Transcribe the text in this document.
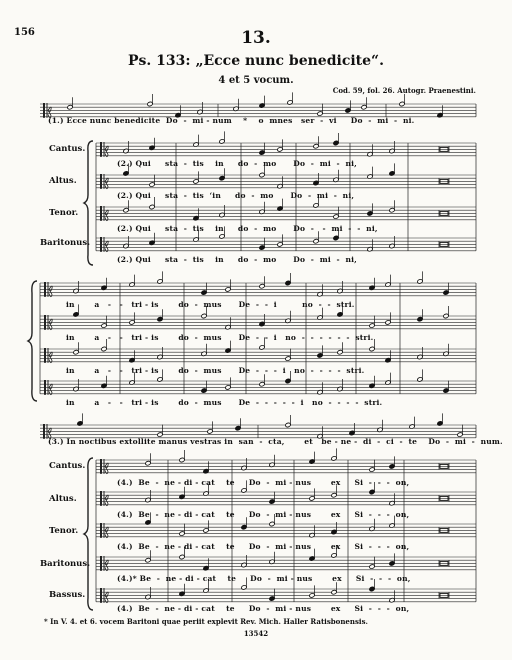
156	13.
Ps. 133: „Ecce nunc benedicite“.
4 et 5 vocum.
Cod. 59, fol. 26. Autogr. Praenestini.
(1.) Ecce nunc benedicite  Do  -  mi - num    *    o  mnes   ser  -  vi     Do  -  mi  -  ni.
Cantus.
Altus.
Tenor.
Baritonus.
(2.) Qui     sta  -  tis    in     do  -  mo      Do  -  mi  -  ni,
(2.) Qui     sta  -  tis  ʻin     do  -  mo      Do  -  mi  -  ni,
(2.) Qui     sta  -  tis    in     do  -  mo      Do  -   -  mi  -  -  ni,
(2.) Qui     sta  -  tis    in     do  -  mo      Do  -  mi  -  ni,
in       a   -   -   tri - is       do  -  mus      De  -  -  i         no  -  -  stri.
in       a   -   -   tri - is       do  -  mus      De  -  -  i   no  -  -  -  -  -  -  stri.
in       a   -   -   tri - is       do  -  mus      De  -  -  -  i   no  -  -  -  -  stri.
in       a   -   -   tri - is       do  -  mus      De  -  -  -  -  -  i   no  -  -  -  -  stri.
(3.) In noctibus extollite manus vestras in  san  -  cta,       et   be - ne -  di  -  ci  -  te    Do  -  mi  -  num.
Cantus.
Altus.
Tenor.
Baritonus.
Bassus.
(4.)  Be  -  ne - di - cat    te     Do  -  mi - nus       ex     Si  -  -  -  on,
(4.)  Be  -  ne - di - cat    te     Do  -  mi - nus       ex     Si  -  -  -  on,
(4.)  Be  -  ne - di - cat    te     Do  -  mi - nus       ex     Si  -  -  -  on,
(4.)* Be  -  ne - di - cat    te     Do  -  mi - nus       ex     Si  -  -  -  on,
(4.)  Be  -  ne - di - cat    te     Do  -  mi - nus       ex     Si  -  -  -  on,
* In V. 4. et 6. vocem Baritoni quae periit explevit Rev. Mich. Haller Ratisbonensis.
13542
